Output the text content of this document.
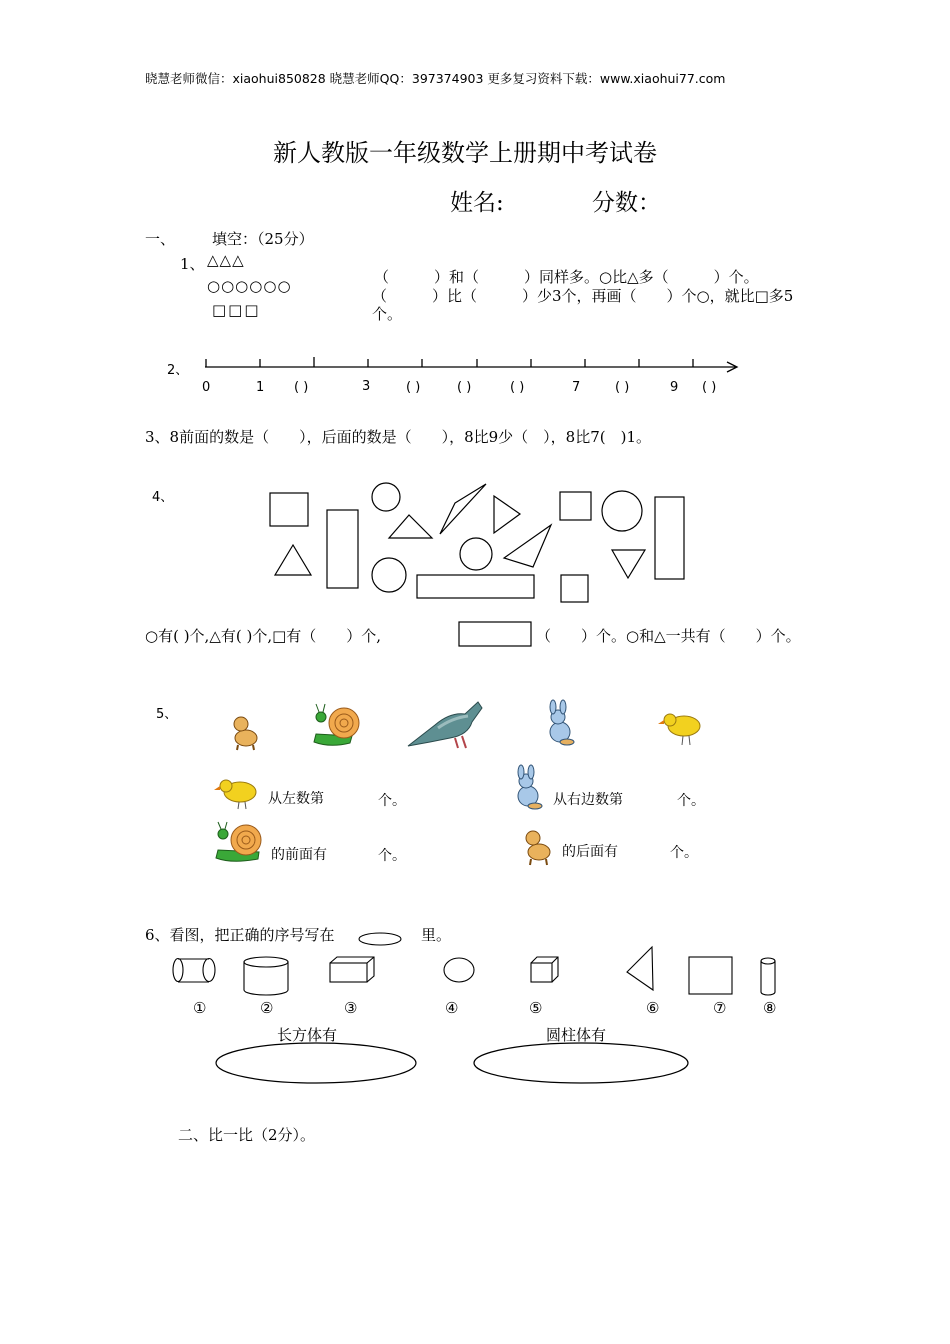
晓慧老师微信：xiaohui850828 晓慧老师QQ：397374903 更多复习资料下载：www.xiaohui77.com
新人教版一年级数学上册期中考试卷
姓名:	分数：
一、 填空：（25分）
1、 △△△
○○○○○○
□□□
（　　　）和（　　　）同样多。○比△多（　　　）个。
（　　　）比（　　　）少3个，再画（　　）个○，就比□多5
个。
2、
0	1 ( )	3	( )	( )	( )	7	( )	9 ( )
3、8前面的数是（　　），后面的数是（　　），8比9少（　），8比7(　)1。
4、
○有( )个,△有( )个,□有（　　）个,	（　　）个。○和△一共有（　　）个。
5、
从左数第	个。	从右边数第	个。
的前面有	个。	的后面有	个。
6、看图，把正确的序号写在	里。
①	②	③	④	⑤	⑥	⑦ ⑧
长方体有	圆柱体有
二、比一比（2分）。
